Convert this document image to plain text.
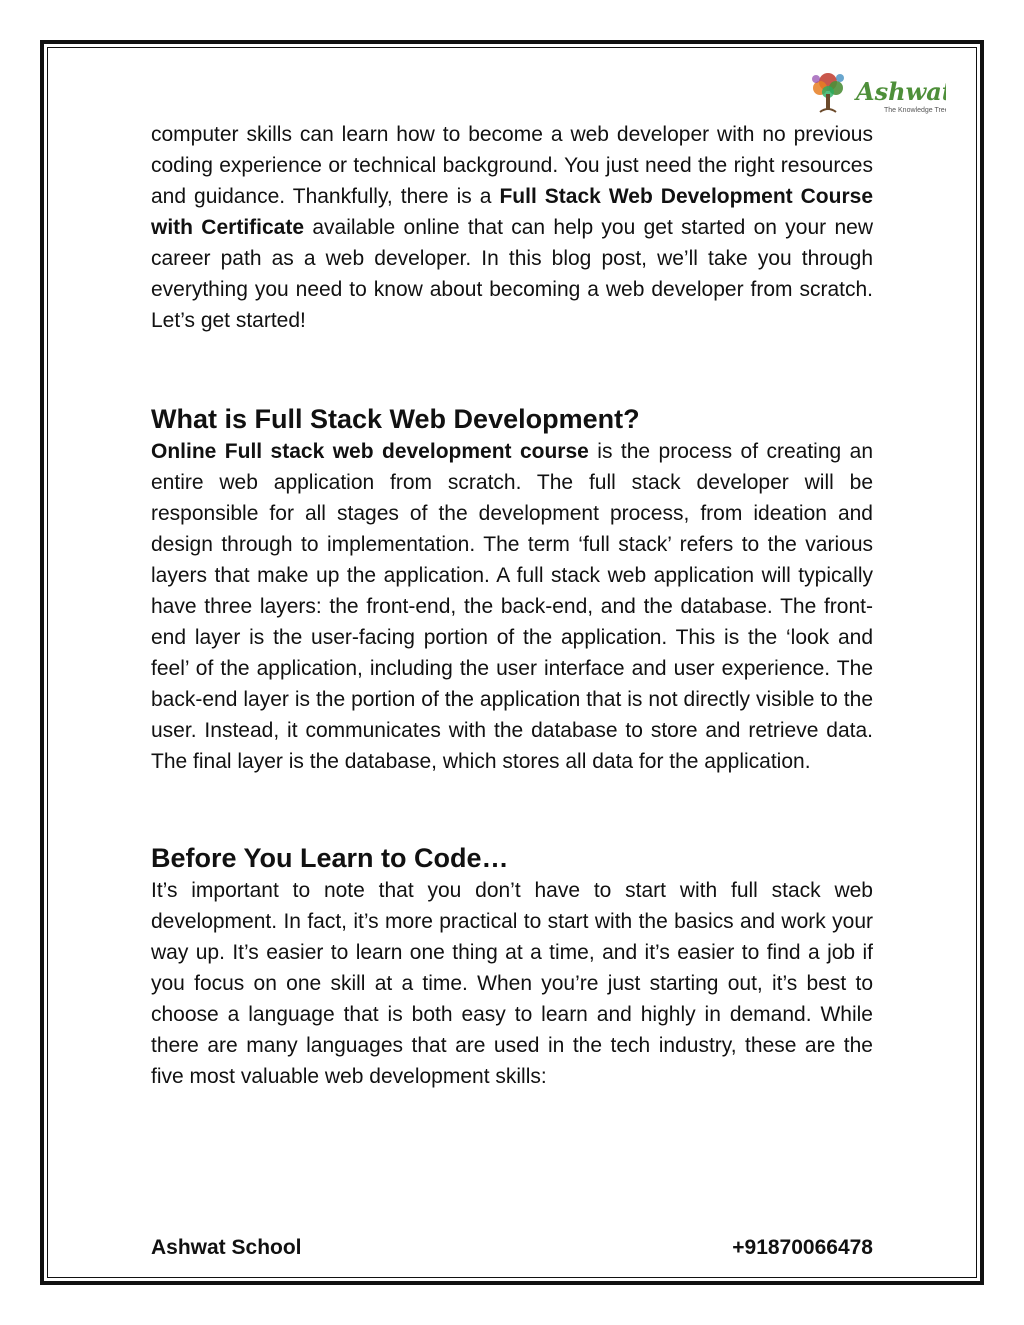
Ashwat
The Knowledge Tree

computer skills can learn how to become a web developer with no previous coding experience or technical background. You just need the right resources and guidance. Thankfully, there is a Full Stack Web Development Course with Certificate available online that can help you get started on your new career path as a web developer. In this blog post, we’ll take you through everything you need to know about becoming a web developer from scratch. Let’s get started!

What is Full Stack Web Development?

Online Full stack web development course is the process of creating an entire web application from scratch. The full stack developer will be responsible for all stages of the development process, from ideation and design through to implementation. The term ‘full stack’ refers to the various layers that make up the application. A full stack web application will typically have three layers: the front-end, the back-end, and the database. The front-end layer is the user-facing portion of the application. This is the ‘look and feel’ of the application, including the user interface and user experience. The back-end layer is the portion of the application that is not directly visible to the user. Instead, it communicates with the database to store and retrieve data. The final layer is the database, which stores all data for the application.

Before You Learn to Code…

It’s important to note that you don’t have to start with full stack web development. In fact, it’s more practical to start with the basics and work your way up. It’s easier to learn one thing at a time, and it’s easier to find a job if you focus on one skill at a time. When you’re just starting out, it’s best to choose a language that is both easy to learn and highly in demand. While there are many languages that are used in the tech industry, these are the five most valuable web development skills:

Ashwat School	+91870066478
